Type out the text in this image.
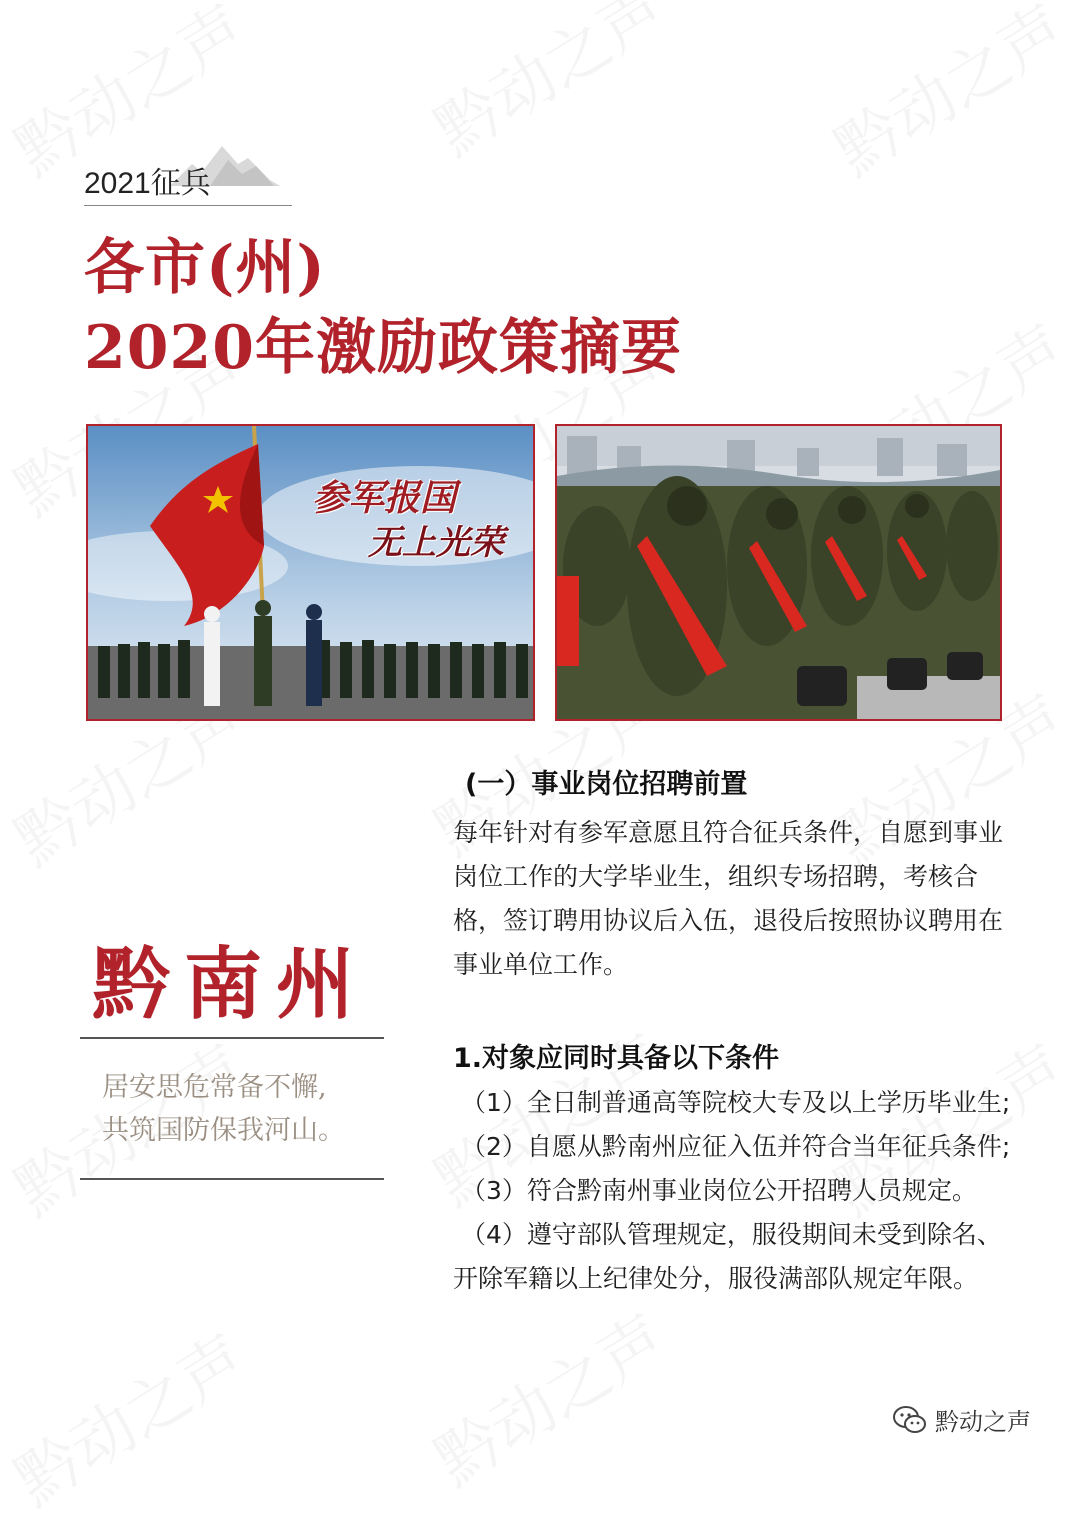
2021征兵
各市(州)
2020年激励政策摘要
参军报国
无上光荣
黔南州
居安思危常备不懈,
共筑国防保我河山。
(一）事业岗位招聘前置

每年针对有参军意愿且符合征兵条件，自愿到事业岗位工作的大学毕业生，组织专场招聘，考核合格，签订聘用协议后入伍，退役后按照协议聘用在事业单位工作。

1.对象应同时具备以下条件

（1）全日制普通高等院校大专及以上学历毕业生;

（2）自愿从黔南州应征入伍并符合当年征兵条件;

（3）符合黔南州事业岗位公开招聘人员规定。

（4）遵守部队管理规定，服役期间未受到除名、开除军籍以上纪律处分，服役满部队规定年限。

黔动之声
